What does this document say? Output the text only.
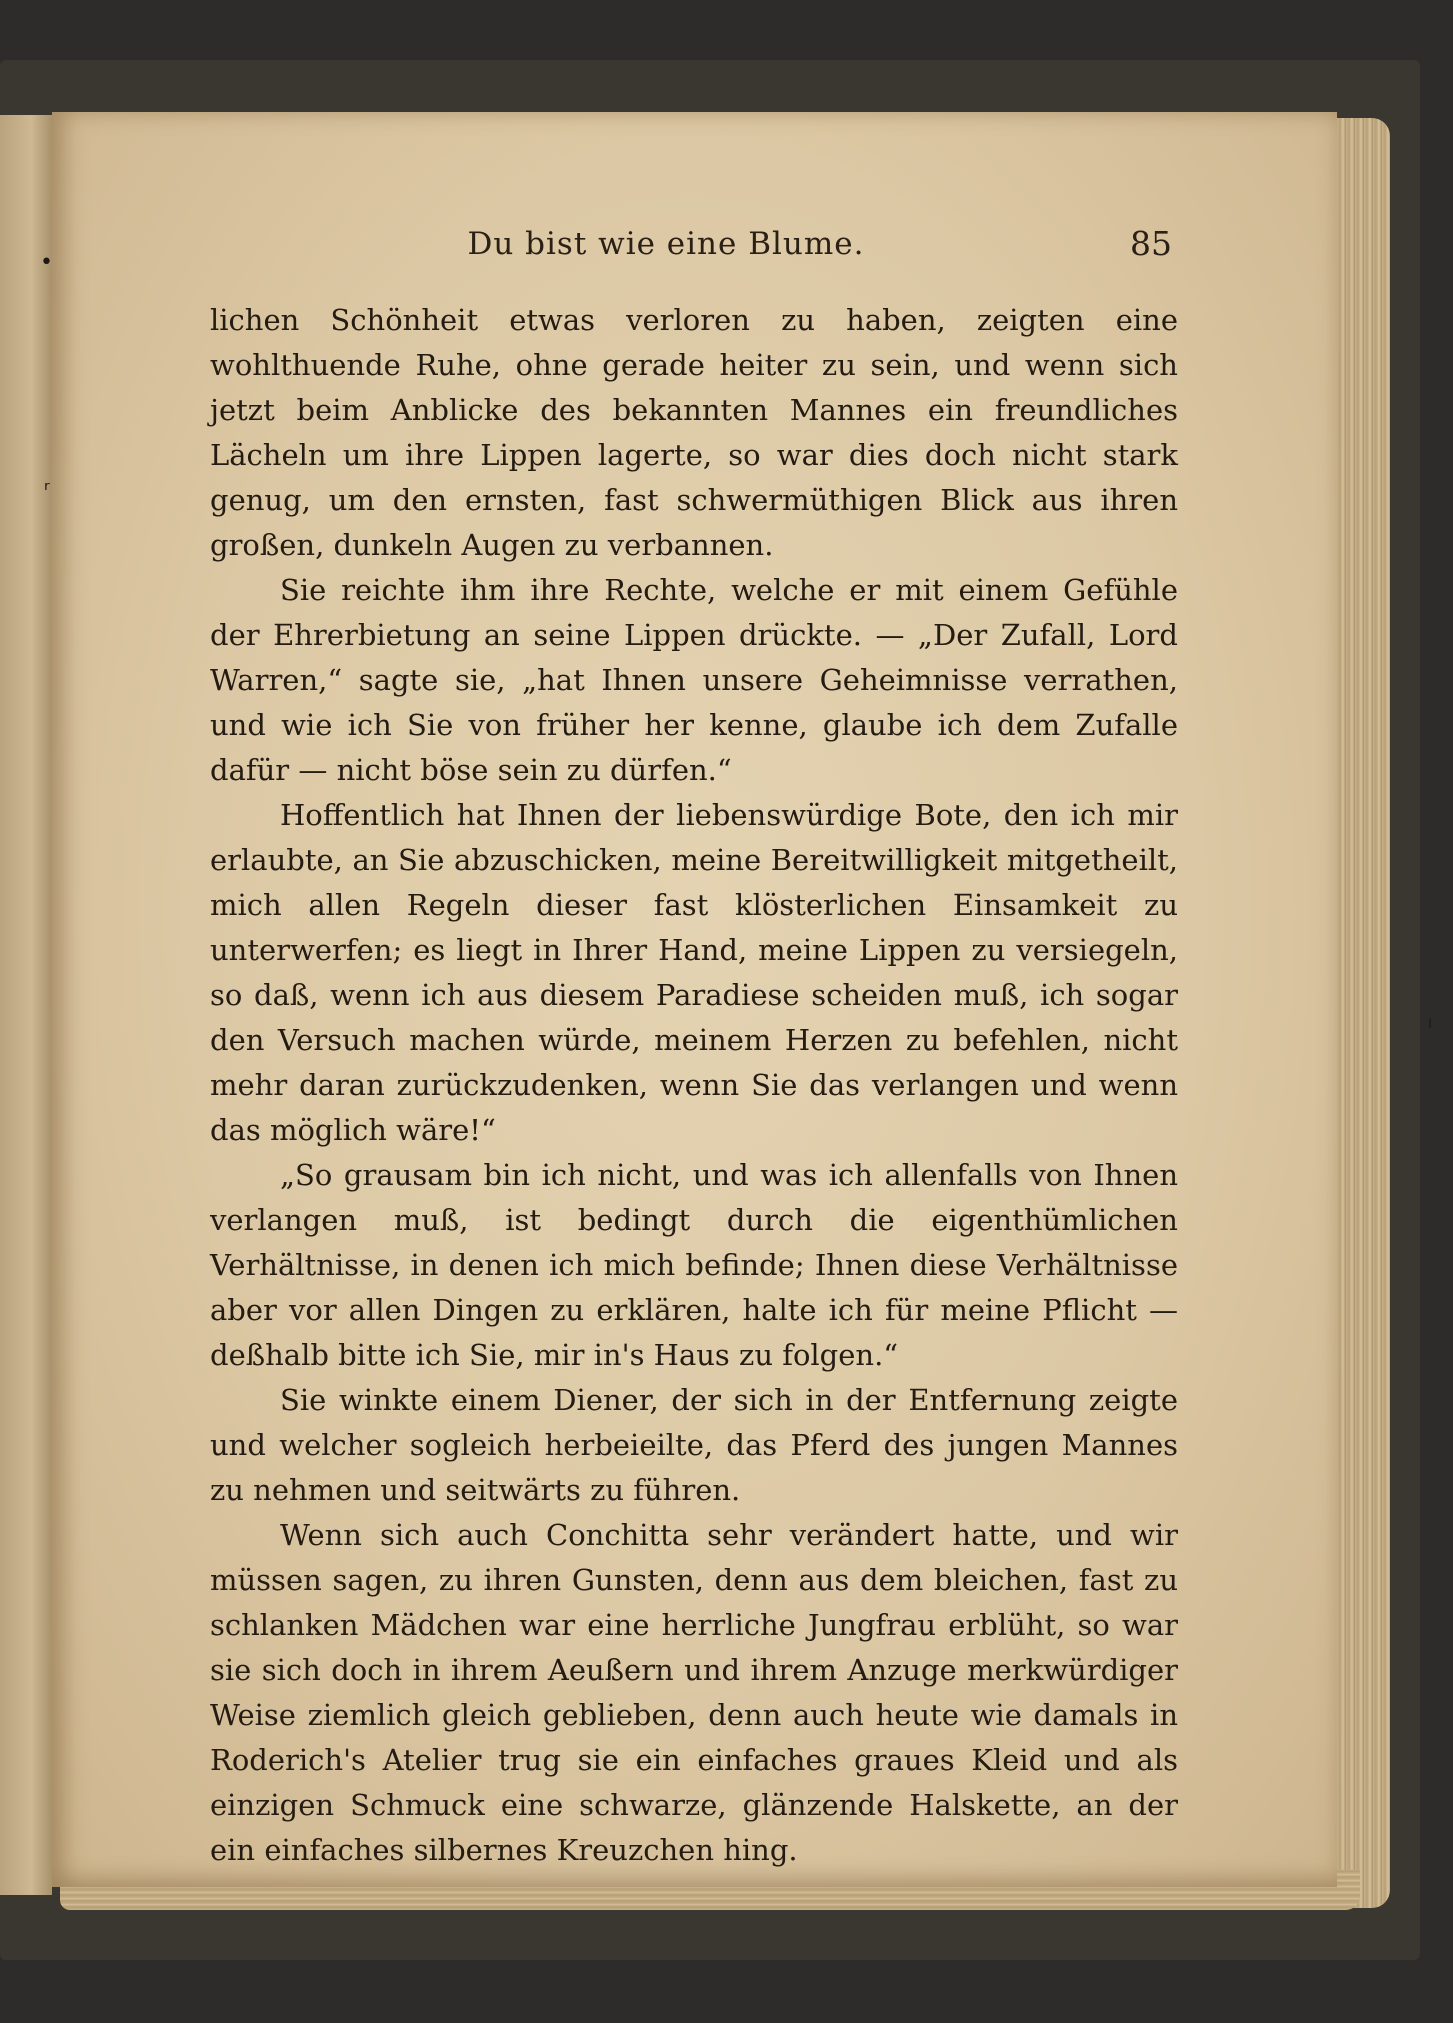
Du bist wie eine Blume.	85

lichen Schönheit etwas verloren zu haben, zeigten eine wohlthuende Ruhe, ohne gerade heiter zu sein, und wenn sich jetzt beim Anblicke des bekannten Mannes ein freundliches Lächeln um ihre Lippen lagerte, so war dies doch nicht stark genug, um den ernsten, fast schwermüthigen Blick aus ihren großen, dunkeln Augen zu verbannen.

Sie reichte ihm ihre Rechte, welche er mit einem Gefühle der Ehrerbietung an seine Lippen drückte. — „Der Zufall, Lord Warren,“ sagte sie, „hat Ihnen unsere Geheimnisse verrathen, und wie ich Sie von früher her kenne, glaube ich dem Zufalle dafür — nicht böse sein zu dürfen.“

Hoffentlich hat Ihnen der liebenswürdige Bote, den ich mir erlaubte, an Sie abzuschicken, meine Bereitwilligkeit mitgetheilt, mich allen Regeln dieser fast klösterlichen Einsamkeit zu unterwerfen; es liegt in Ihrer Hand, meine Lippen zu versiegeln, so daß, wenn ich aus diesem Paradiese scheiden muß, ich sogar den Versuch machen würde, meinem Herzen zu befehlen, nicht mehr daran zurückzudenken, wenn Sie das verlangen und wenn das möglich wäre!“

„So grausam bin ich nicht, und was ich allenfalls von Ihnen verlangen muß, ist bedingt durch die eigenthümlichen Verhältnisse, in denen ich mich befinde; Ihnen diese Verhältnisse aber vor allen Dingen zu erklären, halte ich für meine Pflicht — deßhalb bitte ich Sie, mir in's Haus zu folgen.“

Sie winkte einem Diener, der sich in der Entfernung zeigte und welcher sogleich herbeieilte, das Pferd des jungen Mannes zu nehmen und seitwärts zu führen.

Wenn sich auch Conchitta sehr verändert hatte, und wir müssen sagen, zu ihren Gunsten, denn aus dem bleichen, fast zu schlanken Mädchen war eine herrliche Jungfrau erblüht, so war sie sich doch in ihrem Aeußern und ihrem Anzuge merkwürdiger Weise ziemlich gleich geblieben, denn auch heute wie damals in Roderich's Atelier trug sie ein einfaches graues Kleid und als einzigen Schmuck eine schwarze, glänzende Halskette, an der ein einfaches silbernes Kreuzchen hing.

•
ʳ
ˡ
